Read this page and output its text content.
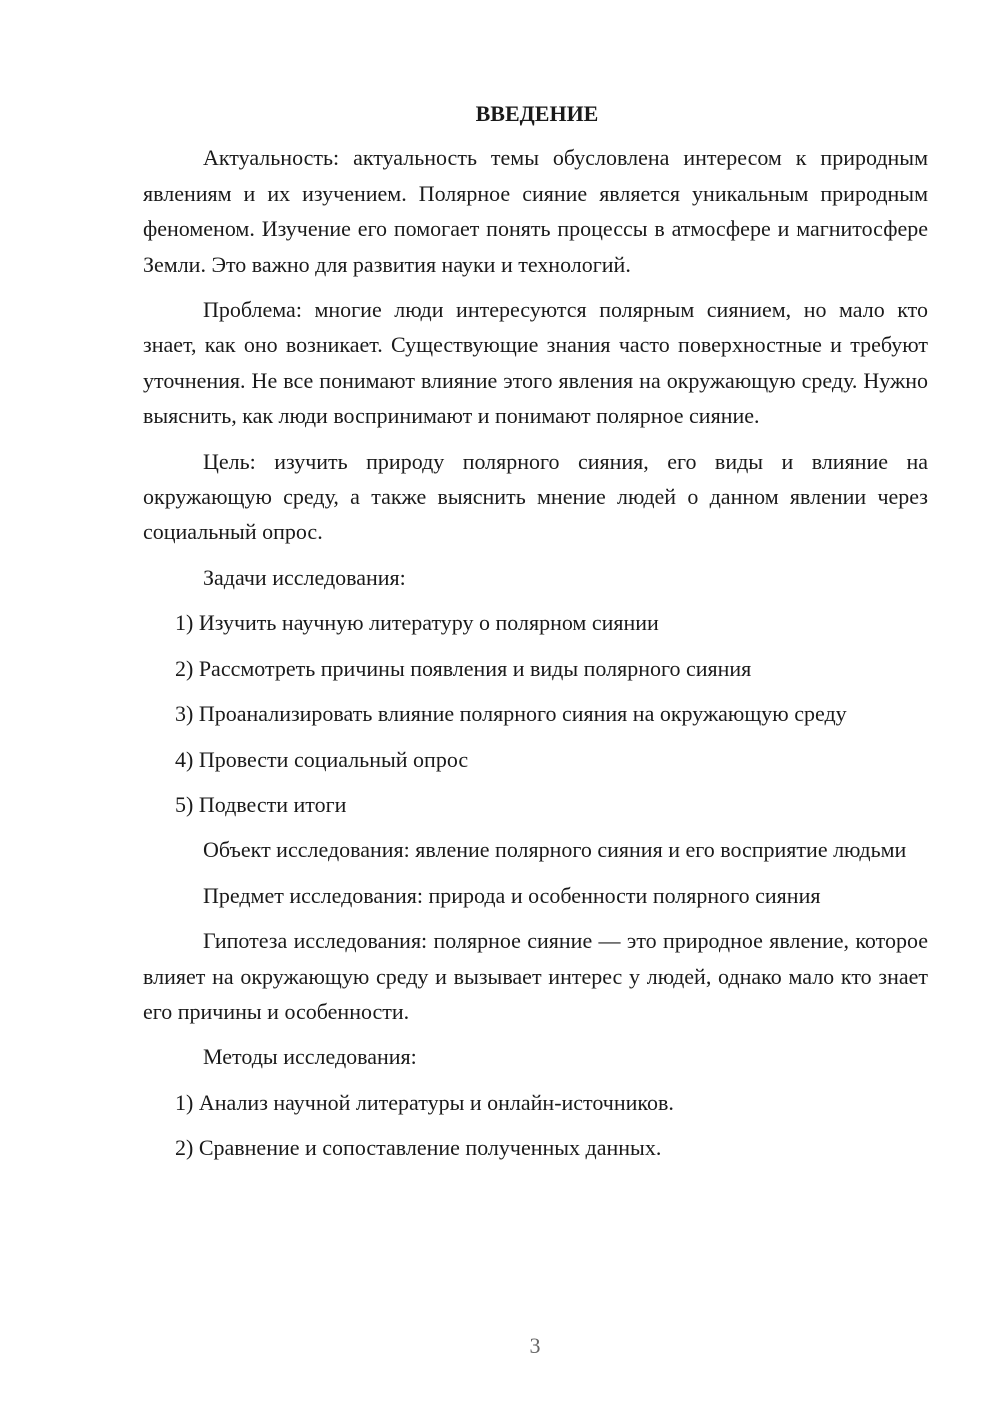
ВВЕДЕНИЕ

Актуальность: актуальность темы обусловлена интересом к природным явлениям и их изучением. Полярное сияние является уникальным природным феноменом. Изучение его помогает понять процессы в атмосфере и магнитосфере Земли. Это важно для развития науки и технологий.

Проблема: многие люди интересуются полярным сиянием, но мало кто знает, как оно возникает. Существующие знания часто поверхностные и требуют уточнения. Не все понимают влияние этого явления на окружающую среду. Нужно выяснить, как люди воспринимают и понимают полярное сияние.

Цель: изучить природу полярного сияния, его виды и влияние на окружающую среду, а также выяснить мнение людей о данном явлении через социальный опрос.

Задачи исследования:

1) Изучить научную литературу о полярном сиянии

2) Рассмотреть причины появления и виды полярного сияния

3) Проанализировать влияние полярного сияния на окружающую среду

4) Провести социальный опрос

5) Подвести итоги

Объект исследования: явление полярного сияния и его восприятие людьми

Предмет исследования: природа и особенности полярного сияния

Гипотеза исследования: полярное сияние — это природное явление, которое влияет на окружающую среду и вызывает интерес у людей, однако мало кто знает его причины и особенности.

Методы исследования:

1) Анализ научной литературы и онлайн-источников.

2) Сравнение и сопоставление полученных данных.

3
